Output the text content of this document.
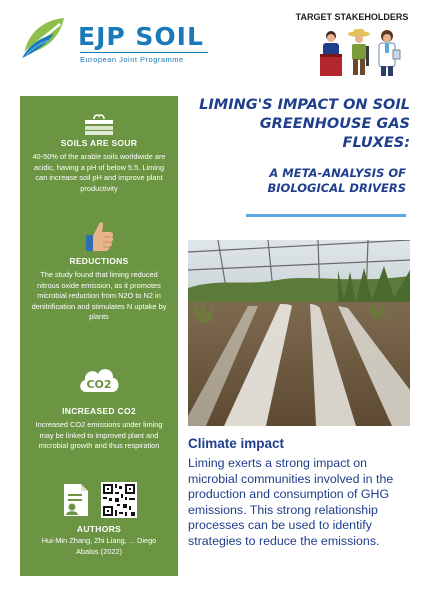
EJP SOIL
European Joint Programme
TARGET STAKEHOLDERS
SOILS ARE SOUR
40-50% of the arable soils worldwide are acidic, having a pH of below 5.5. Liming can increase soil pH and improve plant productivity
REDUCTIONS
The study found that liming reduced nitrous oxide emission, as it promotes microbial reduction from N2O to N2 in denitrification and stimulates N uptake by plants
CO2
INCREASED CO2
Increased CO2 emissions under liming may be linked to improved plant and microbial growth and thus respiration
AUTHORS
Hui-Min Zhang, Zhi Liang, ... Diego Abalos (2022)
LIMING'S IMPACT ON SOIL GREENHOUSE GAS FLUXES:
A META-ANALYSIS OF BIOLOGICAL DRIVERS
Climate impact
Liming exerts a strong impact on microbial communities involved in the production and consumption of GHG emissions. This strong relationship processes can be used to identify strategies to reduce the emissions.
